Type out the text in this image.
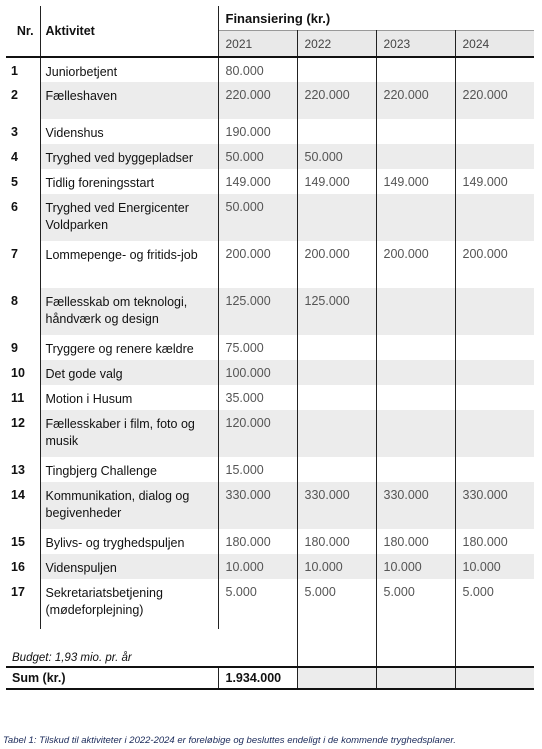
Nr.	Aktivitet	Finansiering (kr.)			
		2021	2022	2023	2024
1	Juniorbetjent	80.000			
2	Fælleshaven	220.000	220.000	220.000	220.000
3	Videnshus	190.000			
4	Tryghed ved byggepladser	50.000	50.000		
5	Tidlig foreningsstart	149.000	149.000	149.000	149.000
6	Tryghed ved Energicenter Voldparken	50.000			
7	Lommepenge- og fritids-job	200.000	200.000	200.000	200.000
8	Fællesskab om teknologi, håndværk og design	125.000	125.000		
9	Tryggere og renere kældre	75.000			
10	Det gode valg	100.000			
11	Motion i Husum	35.000			
12	Fællesskaber i film, foto og musik	120.000			
13	Tingbjerg Challenge	15.000			
14	Kommunikation, dialog og begivenheder	330.000	330.000	330.000	330.000
15	Bylivs- og tryghedspuljen	180.000	180.000	180.000	180.000
16	Videnspuljen	10.000	10.000	10.000	10.000
17	Sekretariatsbetjening (mødeforplejning)	5.000	5.000	5.000	5.000
Budget: 1,93 mio. pr. år					
Sum (kr.)		1.934.000			
Tabel 1: Tilskud til aktiviteter i 2022-2024 er foreløbige og besluttes endeligt i de kommende tryghedsplaner.
